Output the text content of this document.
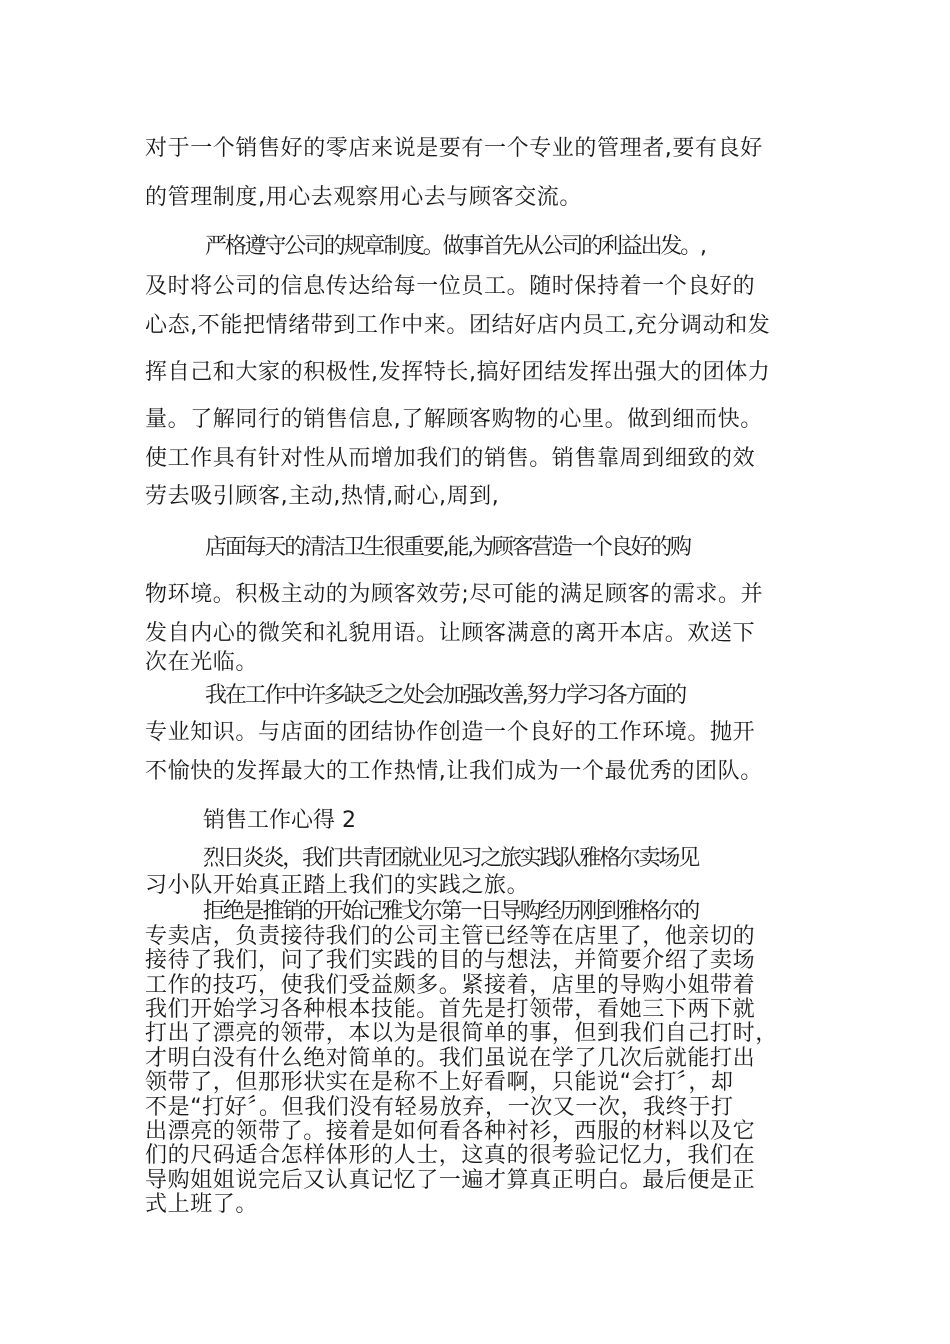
对于一个销售好的零店来说是要有一个专业的管理者,要有良好
的管理制度,用心去观察用心去与顾客交流。
严格遵守公司的规章制度。做事首先从公司的利益出发。,
及时将公司的信息传达给每一位员工。随时保持着一个良好的
心态,不能把情绪带到工作中来。团结好店内员工,充分调动和发
挥自己和大家的积极性,发挥特长,搞好团结发挥出强大的团体力
量。了解同行的销售信息,了解顾客购物的心里。做到细而快。
使工作具有针对性从而增加我们的销售。销售靠周到细致的效
劳去吸引顾客,主动,热情,耐心,周到,
店面每天的清洁卫生很重要,能,为顾客营造一个良好的购
物环境。积极主动的为顾客效劳;尽可能的满足顾客的需求。并
发自内心的微笑和礼貌用语。让顾客满意的离开本店。欢送下
次在光临。
我在工作中许多缺乏之处会加强改善,努力学习各方面的
专业知识。与店面的团结协作创造一个良好的工作环境。抛开
不愉快的发挥最大的工作热情,让我们成为一个最优秀的团队。
销售工作心得 2
烈日炎炎，我们共青团就业见习之旅实践队雅格尔卖场见
习小队开始真正踏上我们的实践之旅。
拒绝是推销的开始记雅戈尔第一日导购经历刚到雅格尔的
专卖店，负责接待我们的公司主管已经等在店里了，他亲切的
接待了我们，问了我们实践的目的与想法，并简要介绍了卖场
工作的技巧，使我们受益颇多。紧接着，店里的导购小姐带着
我们开始学习各种根本技能。首先是打领带，看她三下两下就
打出了漂亮的领带，本以为是很简单的事，但到我们自己打时，
才明白没有什么绝对简单的。我们虽说在学了几次后就能打出
领带了，但那形状实在是称不上好看啊，只能说“会打〞，却
不是“打好〞。但我们没有轻易放弃，一次又一次，我终于打
出漂亮的领带了。接着是如何看各种衬衫，西服的材料以及它
们的尺码适合怎样体形的人士，这真的很考验记忆力，我们在
导购姐姐说完后又认真记忆了一遍才算真正明白。最后便是正
式上班了。
